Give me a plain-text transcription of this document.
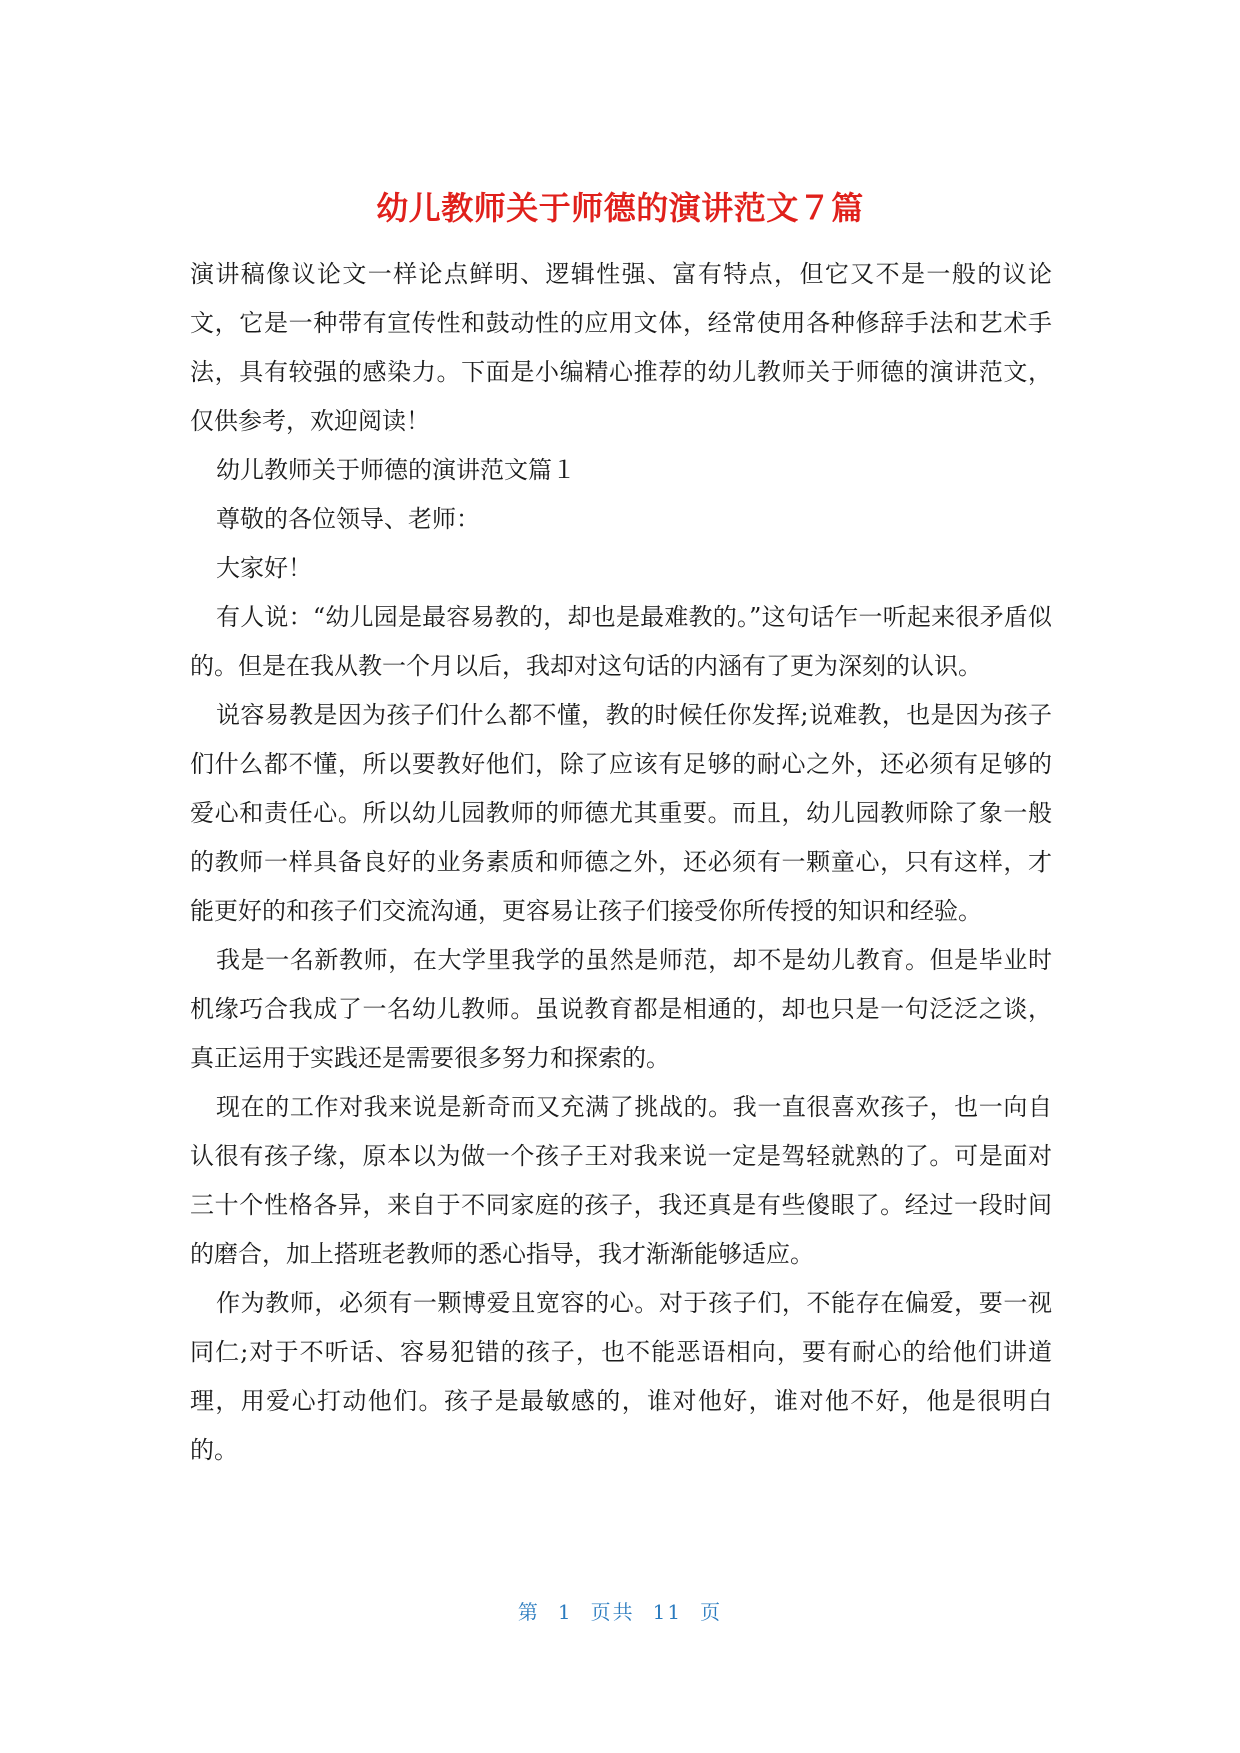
幼儿教师关于师德的演讲范文７篇

演讲稿像议论文一样论点鲜明、逻辑性强、富有特点，但它又不是一般的议论文，它是一种带有宣传性和鼓动性的应用文体，经常使用各种修辞手法和艺术手法，具有较强的感染力。下面是小编精心推荐的幼儿教师关于师德的演讲范文，仅供参考，欢迎阅读！

幼儿教师关于师德的演讲范文篇１

尊敬的各位领导、老师：

大家好！

有人说：“幼儿园是最容易教的，却也是最难教的。”这句话乍一听起来很矛盾似的。但是在我从教一个月以后，我却对这句话的内涵有了更为深刻的认识。

说容易教是因为孩子们什么都不懂，教的时候任你发挥;说难教，也是因为孩子们什么都不懂，所以要教好他们，除了应该有足够的耐心之外，还必须有足够的爱心和责任心。所以幼儿园教师的师德尤其重要。而且，幼儿园教师除了象一般的教师一样具备良好的业务素质和师德之外，还必须有一颗童心，只有这样，才能更好的和孩子们交流沟通，更容易让孩子们接受你所传授的知识和经验。

我是一名新教师，在大学里我学的虽然是师范，却不是幼儿教育。但是毕业时机缘巧合我成了一名幼儿教师。虽说教育都是相通的，却也只是一句泛泛之谈，真正运用于实践还是需要很多努力和探索的。

现在的工作对我来说是新奇而又充满了挑战的。我一直很喜欢孩子，也一向自认很有孩子缘，原本以为做一个孩子王对我来说一定是驾轻就熟的了。可是面对三十个性格各异，来自于不同家庭的孩子，我还真是有些傻眼了。经过一段时间的磨合，加上搭班老教师的悉心指导，我才渐渐能够适应。

作为教师，必须有一颗博爱且宽容的心。对于孩子们，不能存在偏爱，要一视同仁;对于不听话、容易犯错的孩子，也不能恶语相向，要有耐心的给他们讲道理，用爱心打动他们。孩子是最敏感的，谁对他好，谁对他不好，他是很明白的。

第 1 页共 11 页
